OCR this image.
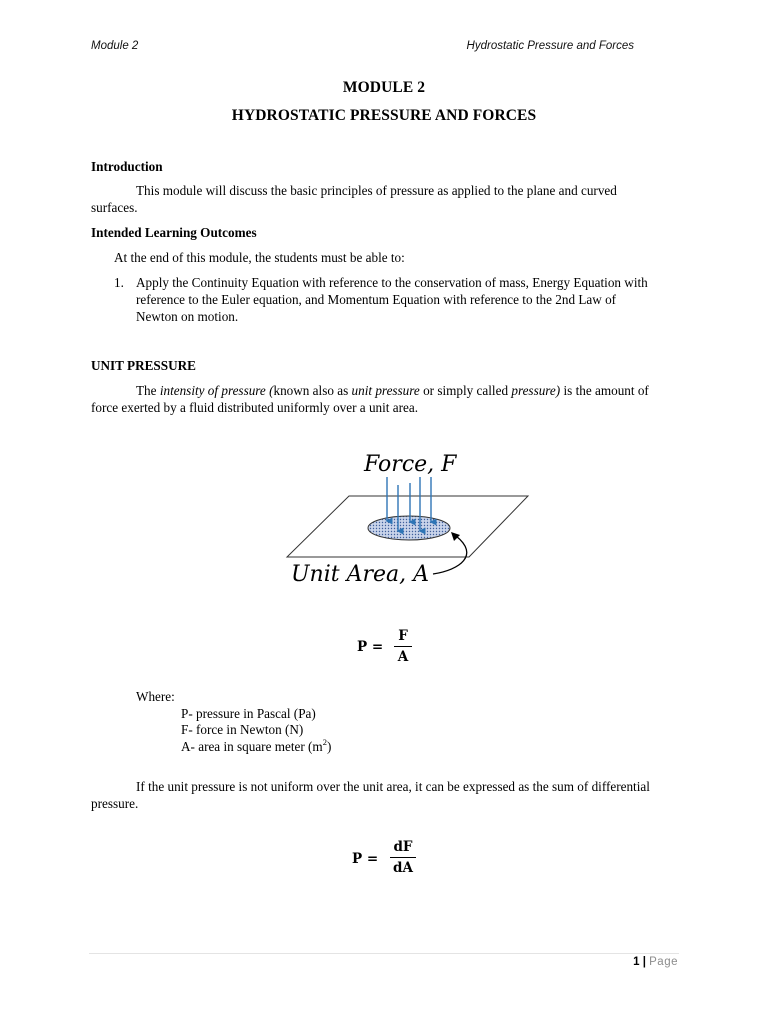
Module 2	Hydrostatic Pressure and Forces
MODULE 2
HYDROSTATIC PRESSURE AND FORCES
Introduction
This module will discuss the basic principles of pressure as applied to the plane and curved surfaces.
Intended Learning Outcomes
At the end of this module, the students must be able to:
1. Apply the Continuity Equation with reference to the conservation of mass, Energy Equation with reference to the Euler equation, and Momentum Equation with reference to the 2nd Law of Newton on motion.
UNIT PRESSURE
The intensity of pressure (known also as unit pressure or simply called pressure) is the amount of force exerted by a fluid distributed uniformly over a unit area.
Force, F
Unit Area, A
P =
F
A
Where:
P- pressure in Pascal (Pa)
F- force in Newton (N)
A- area in square meter $(m^2)$
If the unit pressure is not uniform over the unit area, it can be expressed as the sum of differential pressure.
P =
dF
dA
1 | Page
